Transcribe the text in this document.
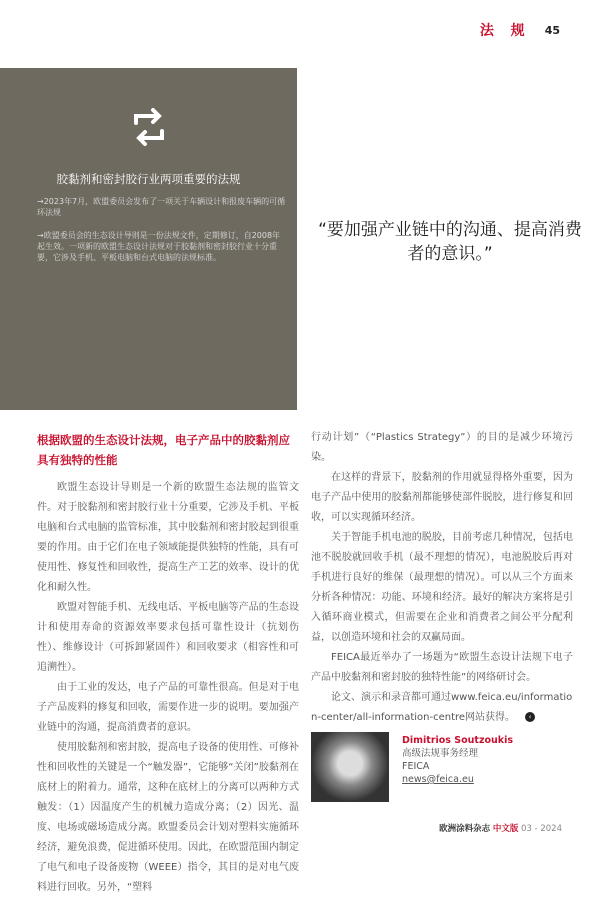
法 规 45
胶黏剂和密封胶行业两项重要的法规

→2023年7月，欧盟委员会发布了一项关于车辆设计和报废车辆的可循环法规

→欧盟委员会的生态设计导则是一份法规文件，定期修订，自2008年起生效。一项新的欧盟生态设计法规对于胶黏剂和密封胶行业十分重要，它涉及手机、平板电脑和台式电脑的法规标准。

“要加强产业链中的沟通、提高消费者的意识。”
根据欧盟的生态设计法规，电子产品中的胶黏剂应具有独特的性能

欧盟生态设计导则是一个新的欧盟生态法规的监管文件。对于胶黏剂和密封胶行业十分重要，它涉及手机、平板电脑和台式电脑的监管标准，其中胶黏剂和密封胶起到很重要的作用。由于它们在电子领域能提供独特的性能，具有可使用性、修复性和回收性，提高生产工艺的效率、设计的优化和耐久性。

欧盟对智能手机、无线电话、平板电脑等产品的生态设计和使用寿命的资源效率要求包括可靠性设计（抗划伤性）、维修设计（可拆卸紧固件）和回收要求（相容性和可追溯性）。

由于工业的发达，电子产品的可靠性很高。但是对于电子产品废料的修复和回收，需要作进一步的说明。要加强产业链中的沟通，提高消费者的意识。

使用胶黏剂和密封胶，提高电子设备的使用性、可修补性和回收性的关键是一个“触发器”，它能够“关闭”胶黏剂在底材上的附着力。通常，这种在底材上的分离可以两种方式触发：（1）因温度产生的机械力造成分离；（2）因光、温度、电场或磁场造成分离。欧盟委员会计划对塑料实施循环经济，避免浪费，促进循环使用。因此，在欧盟范围内制定了电气和电子设备废物（WEEE）指令，其目的是对电气废料进行回收。另外，“塑料

行动计划”（“Plastics Strategy”）的目的是减少环境污染。

在这样的背景下，胶黏剂的作用就显得格外重要，因为电子产品中使用的胶黏剂都能够使部件脱胶，进行修复和回收，可以实现循环经济。

关于智能手机电池的脱胶，目前考虑几种情况，包括电池不脱胶就回收手机（最不理想的情况），电池脱胶后再对手机进行良好的维保（最理想的情况）。可以从三个方面来分析各种情况：功能、环境和经济。最好的解决方案将是引入循环商业模式，但需要在企业和消费者之间公平分配利益，以创造环境和社会的双赢局面。

FEICA最近举办了一场题为“欧盟生态设计法规下电子产品中胶黏剂和密封胶的独特性能”的网络研讨会。

论文、演示和录音都可通过www.feica.eu/information-center/all-information-centre网站获得。 ‹

Dimitrios Soutzoukis
高级法规事务经理
FEICA
news@feica.eu
欧洲涂料杂志 中文版 03 - 2024
